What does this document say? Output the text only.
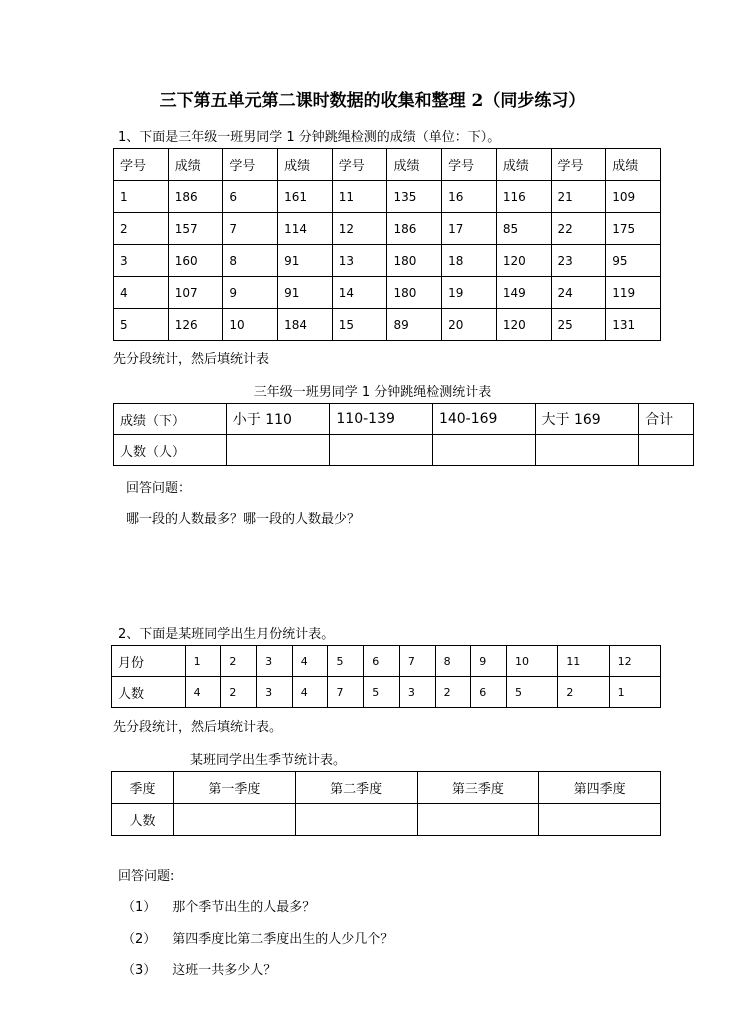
三下第五单元第二课时数据的收集和整理 2（同步练习）
1、下面是三年级一班男同学 1 分钟跳绳检测的成绩（单位：下）。
学号	成绩	学号	成绩	学号	成绩	学号	成绩	学号	成绩
1	186	6	161	11	135	16	116	21	109
2	157	7	114	12	186	17	85	22	175
3	160	8	91	13	180	18	120	23	95
4	107	9	91	14	180	19	149	24	119
5	126	10	184	15	89	20	120	25	131
先分段统计，然后填统计表
三年级一班男同学 1 分钟跳绳检测统计表
成绩（下）	小于 110	110-139	140-169	大于 169	合计
人数（人）					
回答问题：
哪一段的人数最多？哪一段的人数最少？
2、下面是某班同学出生月份统计表。
月份	1	2	3	4	5	6	7	8	9	10	11	12
人数	4	2	3	4	7	5	3	2	6	5	2	1
先分段统计，然后填统计表。
某班同学出生季节统计表。
季度	第一季度	第二季度	第三季度	第四季度
人数				
回答问题:
（1） 那个季节出生的人最多？
（2） 第四季度比第二季度出生的人少几个？
（3） 这班一共多少人？
